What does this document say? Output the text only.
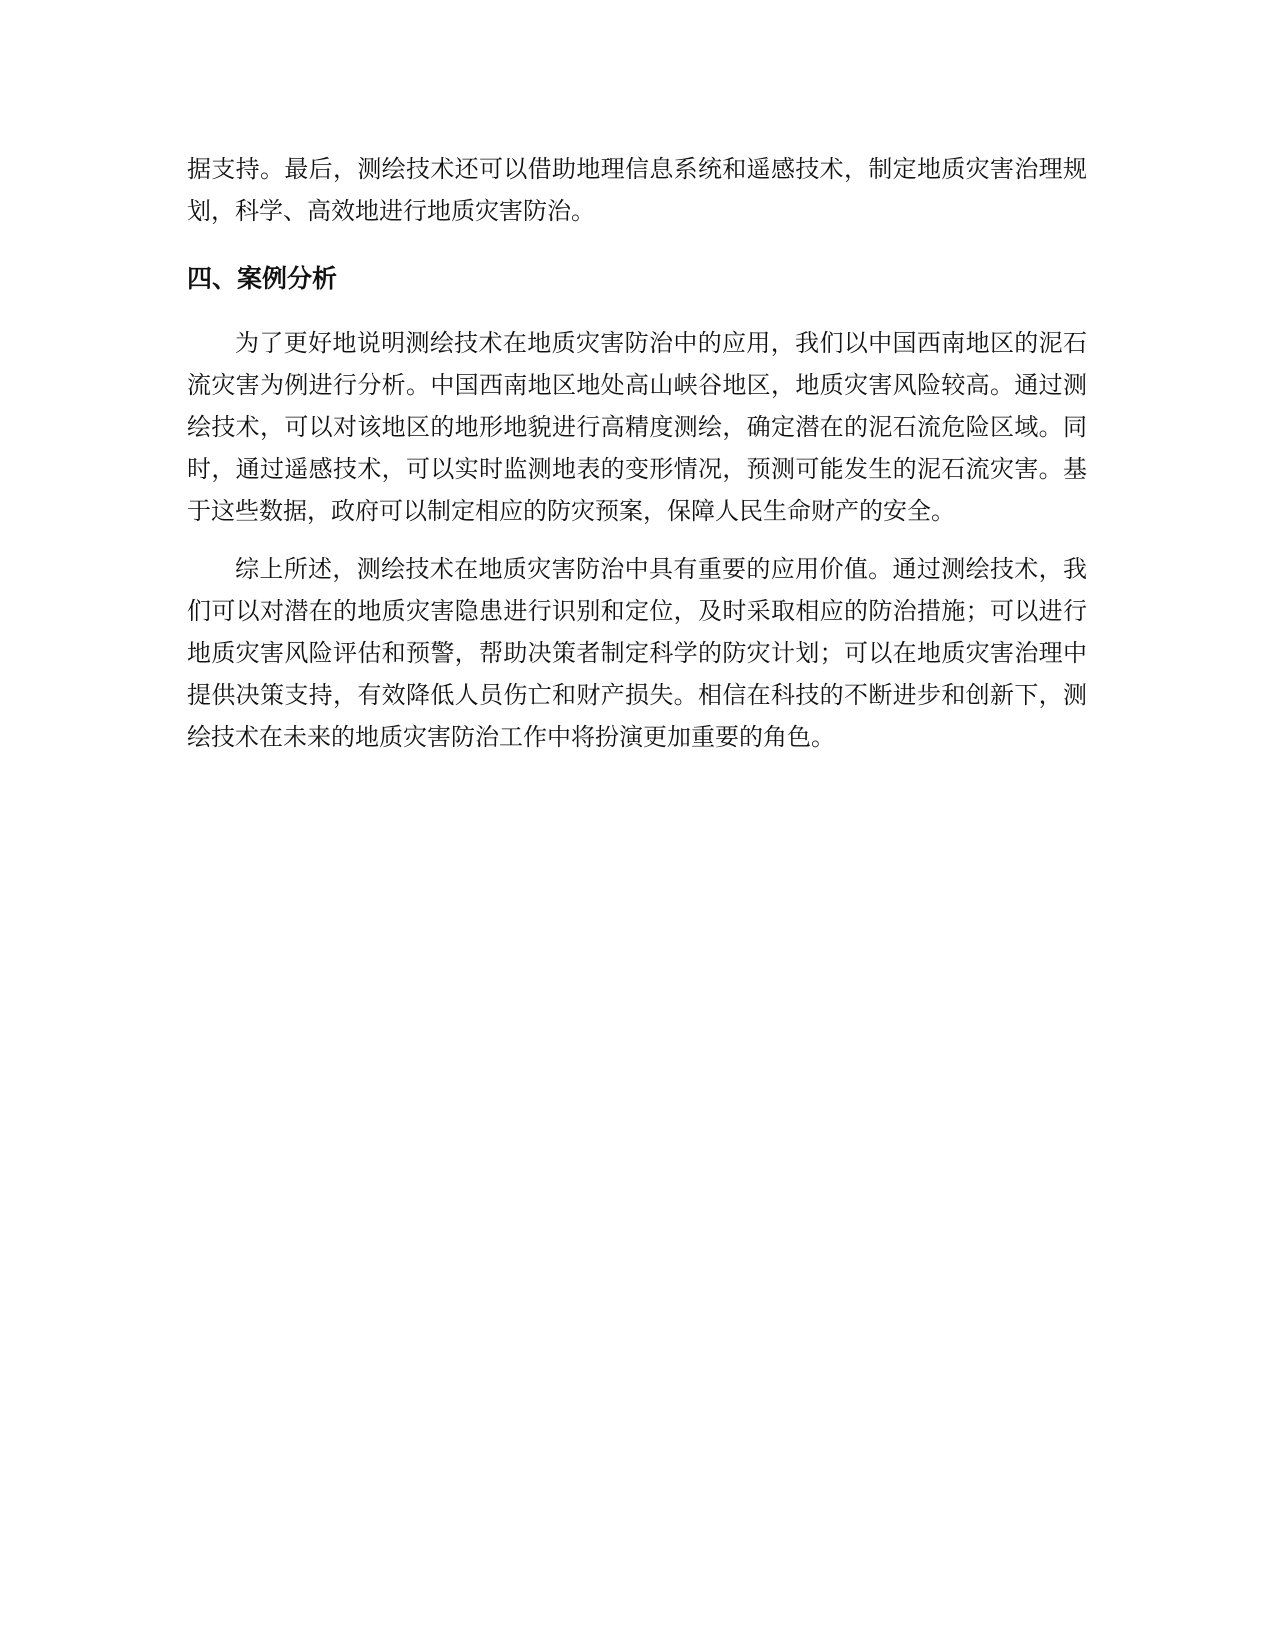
据支持。最后，测绘技术还可以借助地理信息系统和遥感技术，制定地质灾害治理规划，科学、高效地进行地质灾害防治。

四、案例分析

为了更好地说明测绘技术在地质灾害防治中的应用，我们以中国西南地区的泥石流灾害为例进行分析。中国西南地区地处高山峡谷地区，地质灾害风险较高。通过测绘技术，可以对该地区的地形地貌进行高精度测绘，确定潜在的泥石流危险区域。同时，通过遥感技术，可以实时监测地表的变形情况，预测可能发生的泥石流灾害。基于这些数据，政府可以制定相应的防灾预案，保障人民生命财产的安全。

综上所述，测绘技术在地质灾害防治中具有重要的应用价值。通过测绘技术，我们可以对潜在的地质灾害隐患进行识别和定位，及时采取相应的防治措施；可以进行地质灾害风险评估和预警，帮助决策者制定科学的防灾计划；可以在地质灾害治理中提供决策支持，有效降低人员伤亡和财产损失。相信在科技的不断进步和创新下，测绘技术在未来的地质灾害防治工作中将扮演更加重要的角色。
